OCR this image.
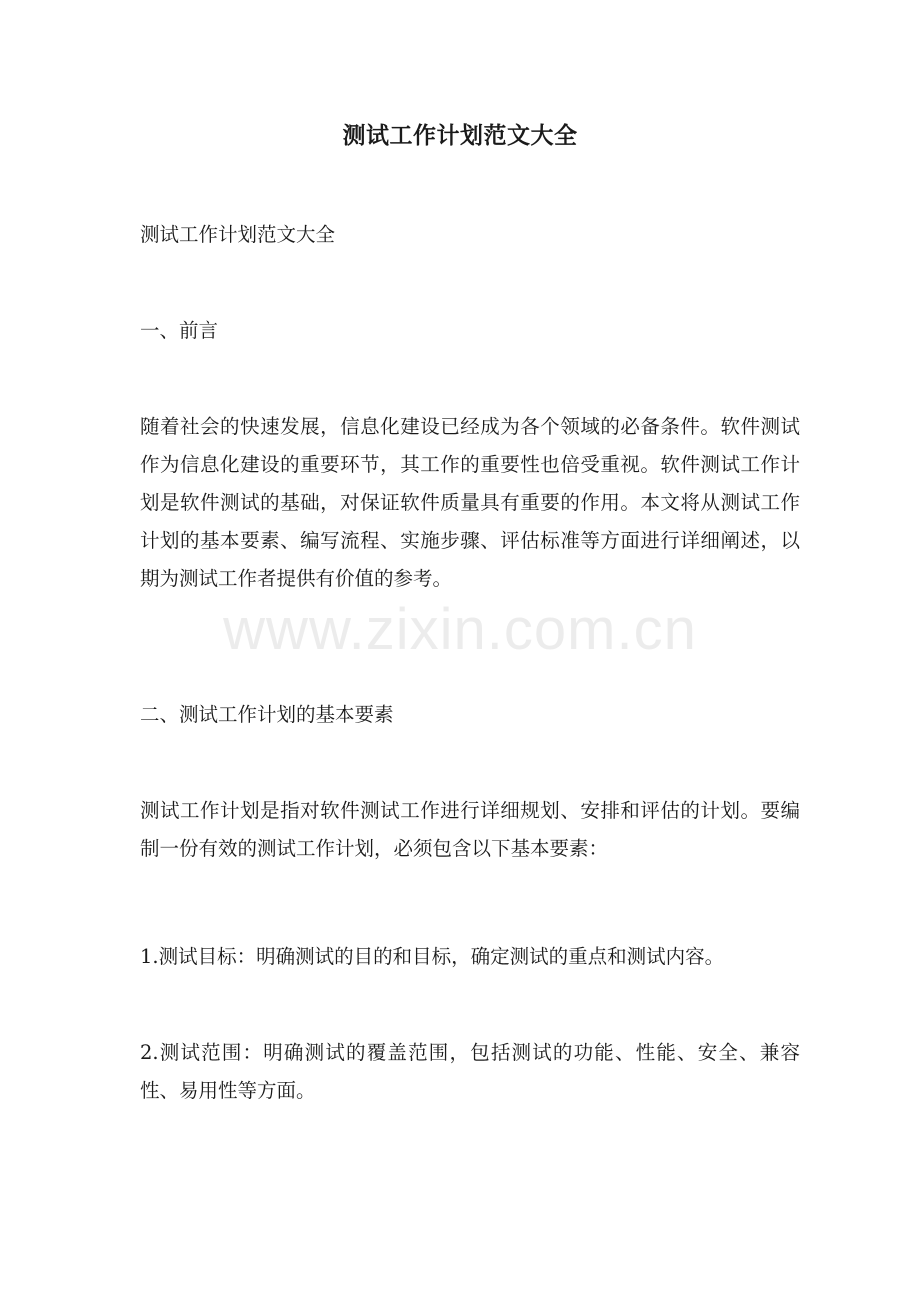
测试工作计划范文大全

测试工作计划范文大全

一、前言

随着社会的快速发展，信息化建设已经成为各个领域的必备条件。软件测试作为信息化建设的重要环节，其工作的重要性也倍受重视。软件测试工作计划是软件测试的基础，对保证软件质量具有重要的作用。本文将从测试工作计划的基本要素、编写流程、实施步骤、评估标准等方面进行详细阐述，以期为测试工作者提供有价值的参考。

二、测试工作计划的基本要素

测试工作计划是指对软件测试工作进行详细规划、安排和评估的计划。要编制一份有效的测试工作计划，必须包含以下基本要素：

1.测试目标：明确测试的目的和目标，确定测试的重点和测试内容。

2.测试范围：明确测试的覆盖范围，包括测试的功能、性能、安全、兼容性、易用性等方面。

www.zixin.com.cn
